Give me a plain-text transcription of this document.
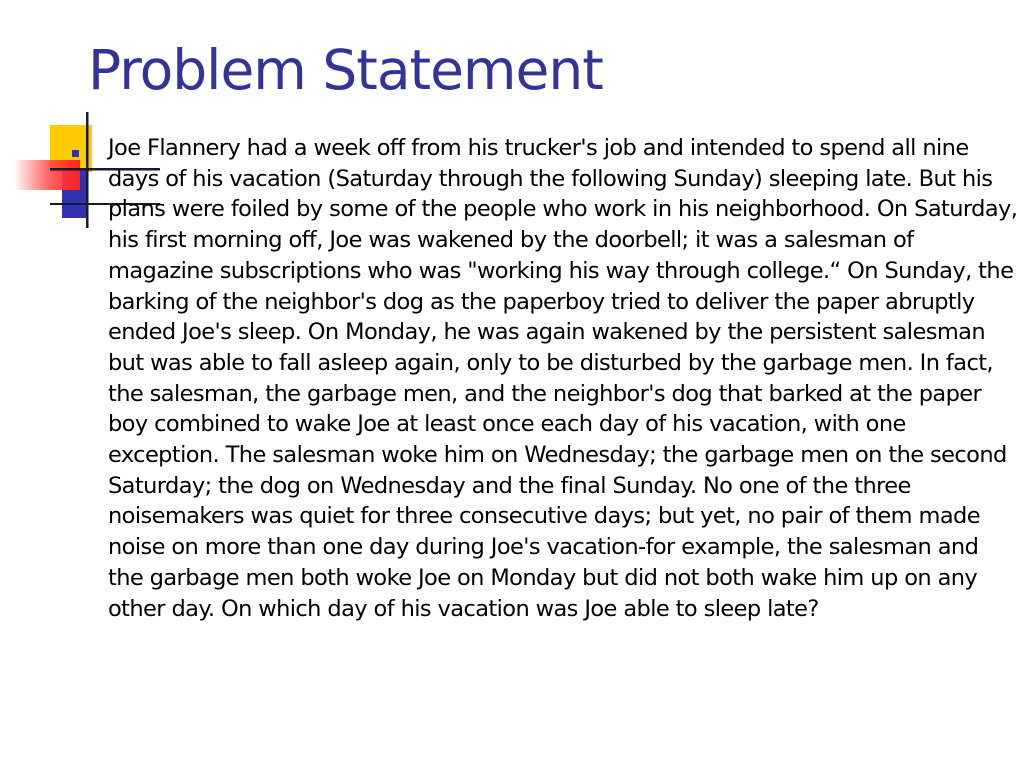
Problem Statement

Joe Flannery had a week off from his trucker's job and intended to spend all nine days of his vacation (Saturday through the following Sunday) sleeping late. But his plans were foiled by some of the people who work in his neighborhood. On Saturday, his first morning off, Joe was wakened by the doorbell; it was a salesman of magazine subscriptions who was "working his way through college.“ On Sunday, the barking of the neighbor's dog as the paperboy tried to deliver the paper abruptly ended Joe's sleep. On Monday, he was again wakened by the persistent salesman but was able to fall asleep again, only to be disturbed by the garbage men. In fact, the salesman, the garbage men, and the neighbor's dog that barked at the paper boy combined to wake Joe at least once each day of his vacation, with one exception. The salesman woke him on Wednesday; the garbage men on the second Saturday; the dog on Wednesday and the final Sunday. No one of the three noisemakers was quiet for three consecutive days; but yet, no pair of them made noise on more than one day during Joe's vacation-for example, the salesman and the garbage men both woke Joe on Monday but did not both wake him up on any other day. On which day of his vacation was Joe able to sleep late?
